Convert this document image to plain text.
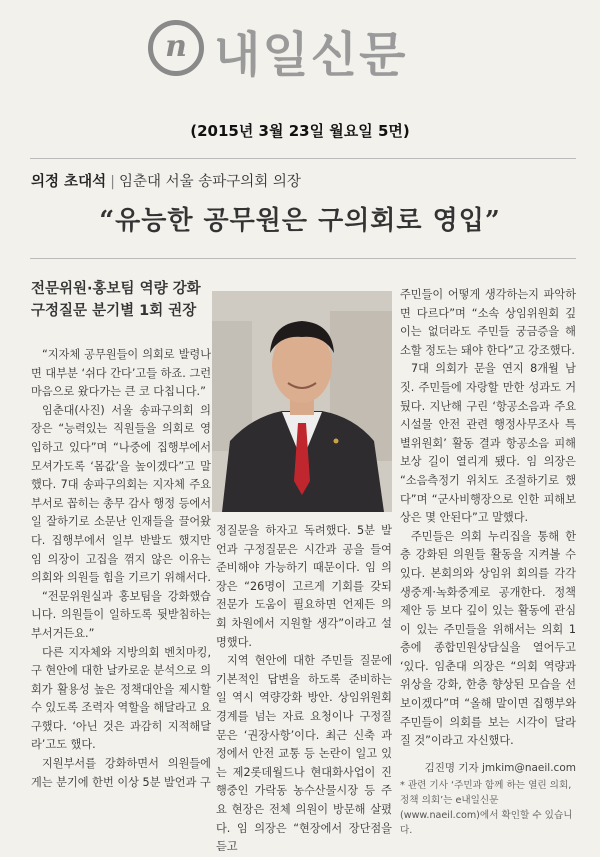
n 내일신문
(2015년 3월 23일 월요일 5면)
의정 초대석 | 임춘대 서울 송파구의회 의장
“유능한 공무원은 구의회로 영입”
전문위원·홍보팀 역량 강화
구정질문 분기별 1회 권장

“지자체 공무원들이 의회로 발령나면 대부분 ‘쉬다 간다’고들 하죠. 그런 마음으로 왔다가는 큰 코 다칩니다.”

임춘대(사진) 서울 송파구의회 의장은 “능력있는 직원들을 의회로 영입하고 있다”며 “나중에 집행부에서 모셔가도록 ‘몸값’을 높이겠다”고 말했다. 7대 송파구의회는 지자체 주요부서로 꼽히는 총무 감사 행정 등에서 일 잘하기로 소문난 인재들을 끌어왔다. 집행부에서 일부 반발도 했지만 임 의장이 고집을 꺾지 않은 이유는 의회와 의원들 힘을 기르기 위해서다.

“전문위원실과 홍보팀을 강화했습니다. 의원들이 일하도록 뒷받침하는 부서거든요.”

다른 지자체와 지방의회 벤치마킹, 구 현안에 대한 날카로운 분석으로 의회가 활용성 높은 정책대안을 제시할 수 있도록 조력자 역할을 해달라고 요구했다. ‘아닌 것은 과감히 지적해달라’고도 했다.

지원부서를 강화하면서 의원들에게는 분기에 한번 이상 5분 발언과 구

정질문을 하자고 독려했다. 5분 발언과 구정질문은 시간과 공을 들여 준비해야 가능하기 때문이다. 임 의장은 “26명이 고르게 기회를 갖되 전문가 도움이 필요하면 언제든 의회 차원에서 지원할 생각”이라고 설명했다.

지역 현안에 대한 주민들 질문에 기본적인 답변을 하도록 준비하는 일 역시 역량강화 방안. 상임위원회 경계를 넘는 자료 요청이나 구정질문은 ‘권장사항’이다. 최근 신축 과정에서 안전 교통 등 논란이 일고 있는 제2롯데월드나 현대화사업이 진행중인 가락동 농수산물시장 등 주요 현장은 전체 의원이 방문해 살폈다. 임 의장은 “현장에서 장단점을 듣고

주민들이 어떻게 생각하는지 파악하면 다르다”며 “소속 상임위원회 깊이는 없더라도 주민들 궁금증을 해소할 정도는 돼야 한다”고 강조했다.

7대 의회가 문을 연지 8개월 남짓. 주민들에 자랑할 만한 성과도 거뒀다. 지난해 구린 ‘항공소음과 주요 시설물 안전 관련 행정사무조사 특별위원회’ 활동 결과 항공소음 피해보상 길이 열리게 됐다. 임 의장은 “소음측정기 위치도 조절하기로 했다”며 “군사비행장으로 인한 피해보상은 몇 안된다”고 말했다.

주민들은 의회 누리집을 통해 한층 강화된 의원들 활동을 지켜볼 수 있다. 본회의와 상임위 회의를 각각 생중계·녹화중계로 공개한다. 정책제안 등 보다 깊이 있는 활동에 관심이 있는 주민들을 위해서는 의회 1층에 종합민원상담실을 열어두고 ‘있다. 임춘대 의장은 “의회 역량과 위상을 강화, 한층 향상된 모습을 선보이겠다”며 “올해 말이면 집행부와 주민들이 의회를 보는 시각이 달라질 것”이라고 자신했다.

김진명 기자 jmkim@naeil.com
* 관련 기사 ‘주민과 함께 하는 열린 의회, 정책 의회’는 e내일신문(www.naeil.com)에서 확인할 수 있습니다.
